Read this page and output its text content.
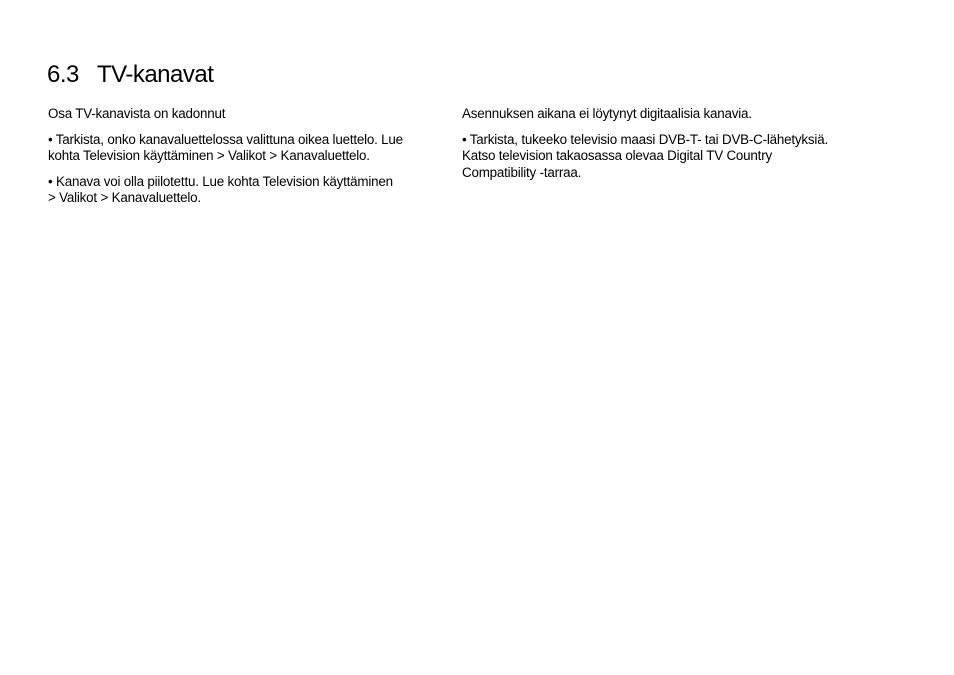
6.3 TV-kanavat

Osa TV-kanavista on kadonnut

• Tarkista, onko kanavaluettelossa valittuna oikea luettelo. Lue kohta Television käyttäminen > Valikot > Kanavaluettelo.

• Kanava voi olla piilotettu. Lue kohta Television käyttäminen > Valikot > Kanavaluettelo.

Asennuksen aikana ei löytynyt digitaalisia kanavia.

• Tarkista, tukeeko televisio maasi DVB-T- tai DVB-C-lähetyksiä. Katso television takaosassa olevaa Digital TV Country Compatibility -tarraa.
